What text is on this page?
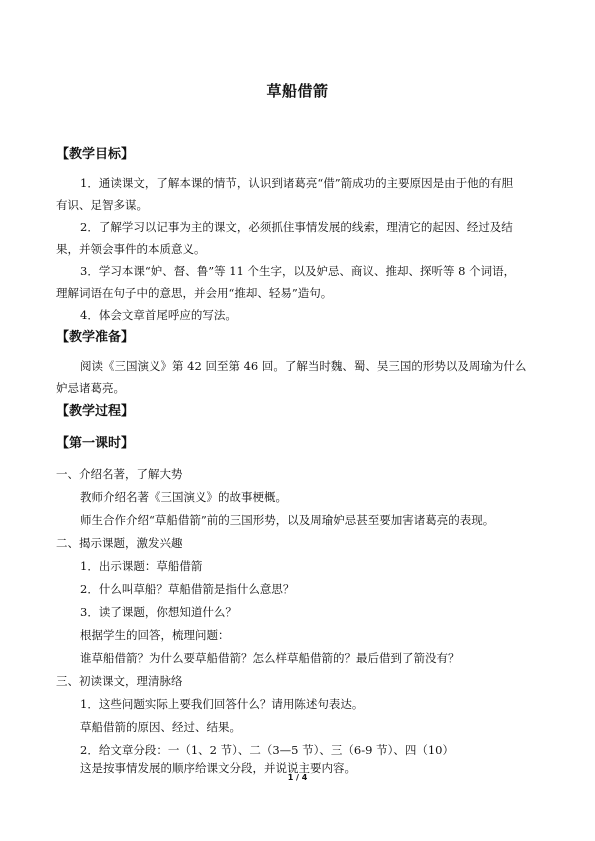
草船借箭
【教学目标】
1．通读课文，了解本课的情节，认识到诸葛亮“借”箭成功的主要原因是由于他的有胆
有识、足智多谋。
2．了解学习以记事为主的课文，必须抓住事情发展的线索，理清它的起因、经过及结
果，并领会事件的本质意义。
3．学习本课“妒、督、鲁”等 11 个生字，以及妒忌、商议、推却、探听等 8 个词语，
理解词语在句子中的意思，并会用“推却、轻易”造句。
4．体会文章首尾呼应的写法。
【教学准备】
阅读《三国演义》第 42 回至第 46 回。了解当时魏、蜀、吴三国的形势以及周瑜为什么
妒忌诸葛亮。
【教学过程】
【第一课时】
一、介绍名著，了解大势
教师介绍名著《三国演义》的故事梗概。
师生合作介绍“草船借箭”前的三国形势，以及周瑜妒忌甚至要加害诸葛亮的表现。
二、揭示课题，激发兴趣
1．出示课题：草船借箭
2．什么叫草船？草船借箭是指什么意思？
3．读了课题，你想知道什么？
根据学生的回答，梳理问题：
谁草船借箭？为什么要草船借箭？怎么样草船借箭的？最后借到了箭没有？
三、初读课文，理清脉络
1．这些问题实际上要我们回答什么？请用陈述句表达。
草船借箭的原因、经过、结果。
2．给文章分段：一（1、2 节）、二（3—5 节）、三（6-9 节）、四（10）
这是按事情发展的顺序给课文分段，并说说主要内容。
1 / 4
